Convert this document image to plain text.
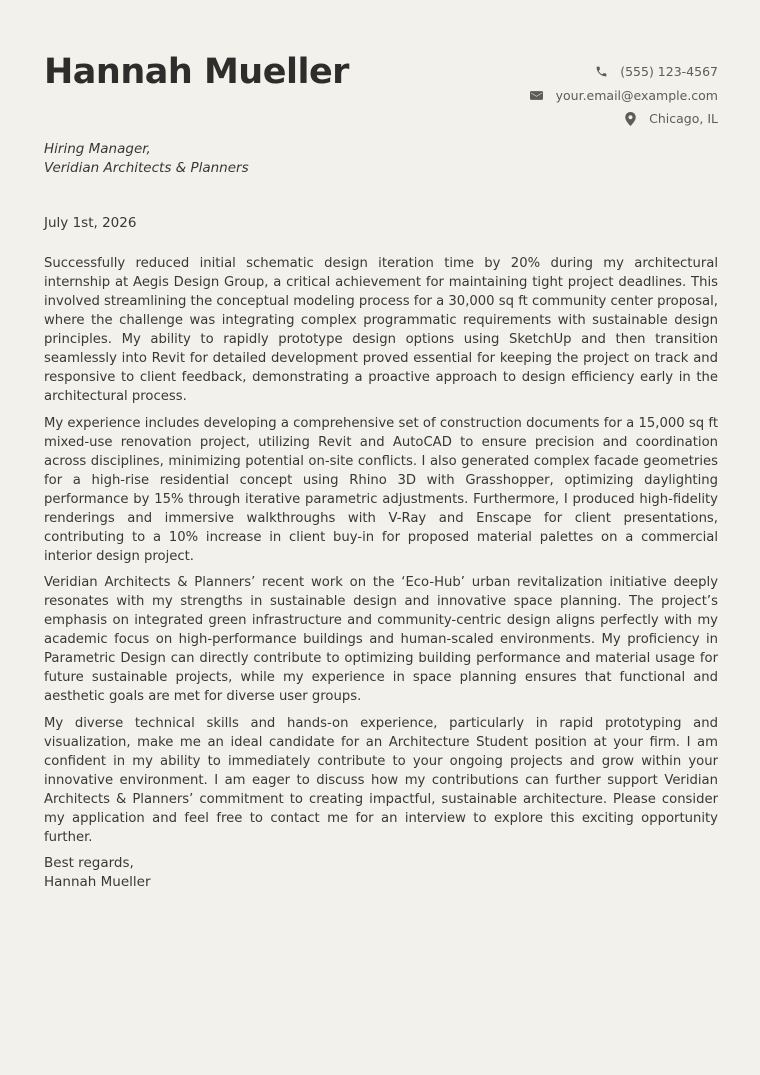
Hannah Mueller	(555) 123-4567
your.email@example.com
Chicago, IL
Hiring Manager,
Veridian Architects & Planners
July 1st, 2026

Successfully reduced initial schematic design iteration time by 20% during my architectural internship at Aegis Design Group, a critical achievement for maintaining tight project deadlines. This involved streamlining the conceptual modeling process for a 30,000 sq ft community center proposal, where the challenge was integrating complex programmatic requirements with sustainable design principles. My ability to rapidly prototype design options using SketchUp and then transition seamlessly into Revit for detailed development proved essential for keeping the project on track and responsive to client feedback, demonstrating a proactive approach to design efficiency early in the architectural process.

My experience includes developing a comprehensive set of construction documents for a 15,000 sq ft mixed-use renovation project, utilizing Revit and AutoCAD to ensure precision and coordination across disciplines, minimizing potential on-site conflicts. I also generated complex facade geometries for a high-rise residential concept using Rhino 3D with Grasshopper, optimizing daylighting performance by 15% through iterative parametric adjustments. Furthermore, I produced high-fidelity renderings and immersive walkthroughs with V-Ray and Enscape for client presentations, contributing to a 10% increase in client buy-in for proposed material palettes on a commercial interior design project.

Veridian Architects & Planners’ recent work on the ‘Eco-Hub’ urban revitalization initiative deeply resonates with my strengths in sustainable design and innovative space planning. The project’s emphasis on integrated green infrastructure and community-centric design aligns perfectly with my academic focus on high-performance buildings and human-scaled environments. My proficiency in Parametric Design can directly contribute to optimizing building performance and material usage for future sustainable projects, while my experience in space planning ensures that functional and aesthetic goals are met for diverse user groups.

My diverse technical skills and hands-on experience, particularly in rapid prototyping and visualization, make me an ideal candidate for an Architecture Student position at your firm. I am confident in my ability to immediately contribute to your ongoing projects and grow within your innovative environment. I am eager to discuss how my contributions can further support Veridian Architects & Planners’ commitment to creating impactful, sustainable architecture. Please consider my application and feel free to contact me for an interview to explore this exciting opportunity further.

Best regards,
Hannah Mueller
